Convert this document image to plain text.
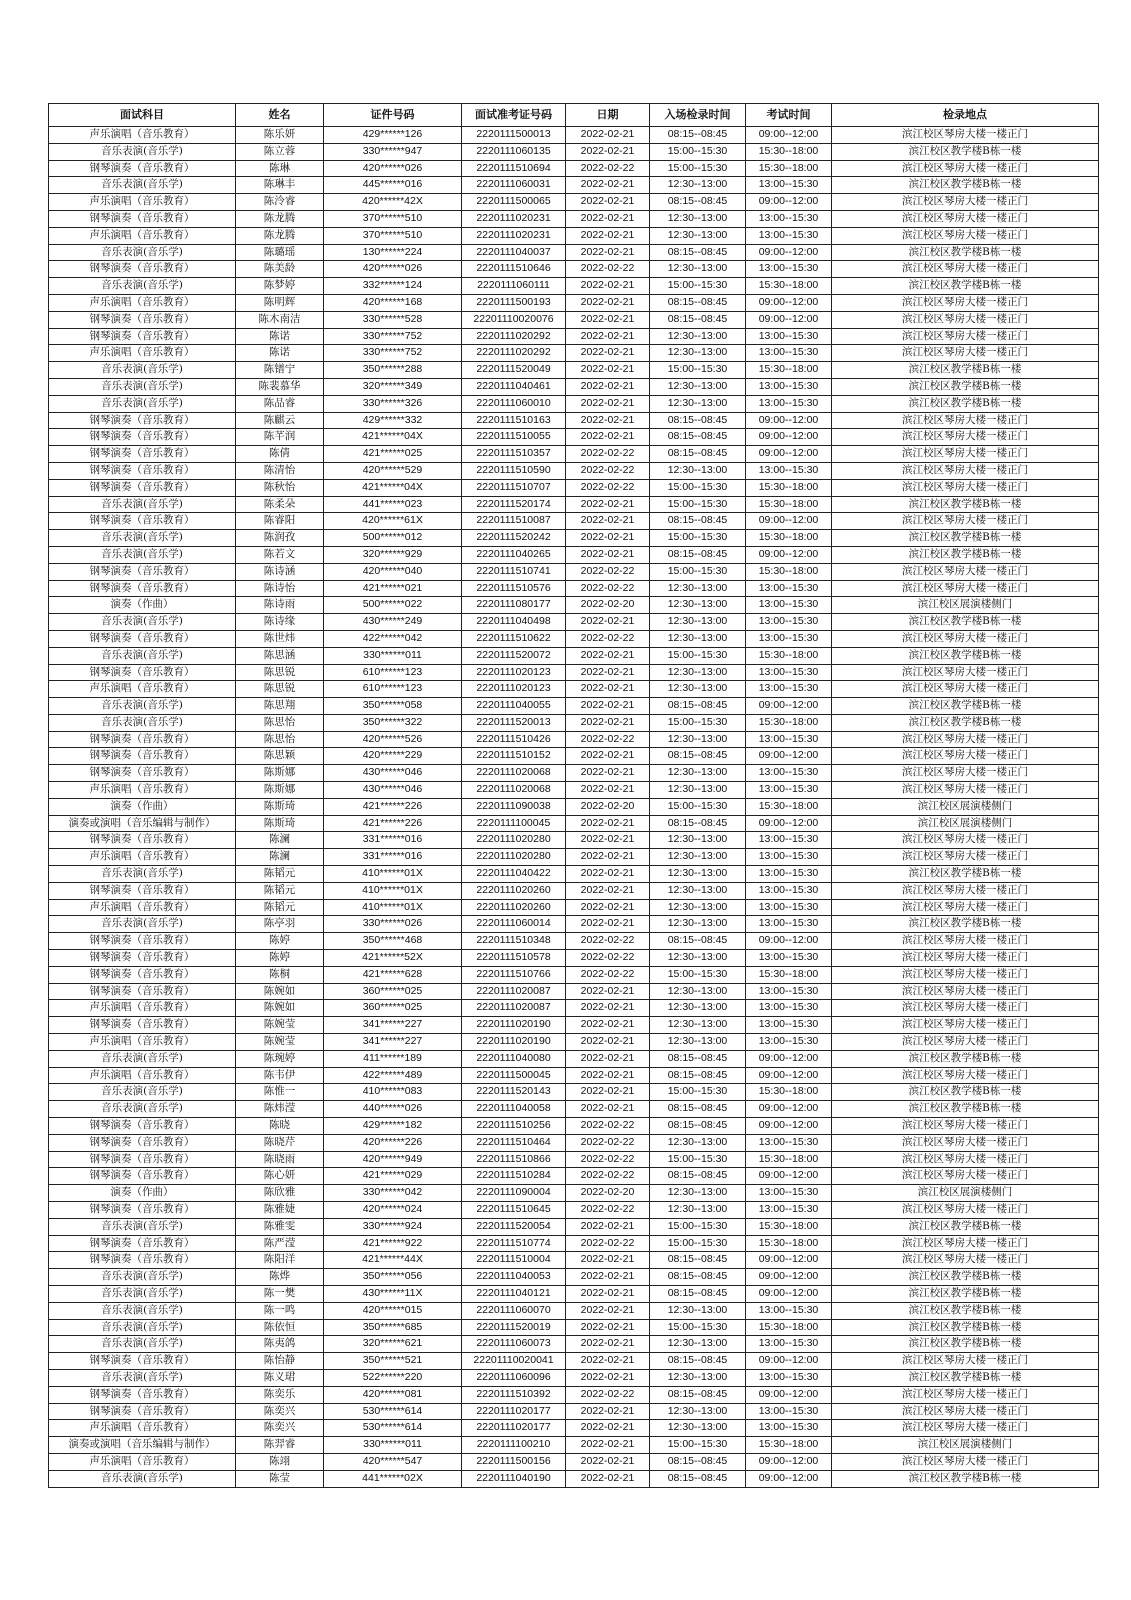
面试科目	姓名	证件号码	面试准考证号码	日期	入场检录时间	考试时间	检录地点
声乐演唱（音乐教育）	陈乐妍	429******126	2220111500013	2022-02-21	08:15--08:45	09:00--12:00	滨江校区琴房大楼一楼正门
音乐表演(音乐学)	陈立蓉	330******947	2220111060135	2022-02-21	15:00--15:30	15:30--18:00	滨江校区教学楼B栋一楼
钢琴演奏（音乐教育）	陈琳	420******026	2220111510694	2022-02-22	15:00--15:30	15:30--18:00	滨江校区琴房大楼一楼正门
音乐表演(音乐学)	陈琳丰	445******016	2220111060031	2022-02-21	12:30--13:00	13:00--15:30	滨江校区教学楼B栋一楼
声乐演唱（音乐教育）	陈泠睿	420******42X	2220111500065	2022-02-21	08:15--08:45	09:00--12:00	滨江校区琴房大楼一楼正门
钢琴演奏（音乐教育）	陈龙腾	370******510	2220111020231	2022-02-21	12:30--13:00	13:00--15:30	滨江校区琴房大楼一楼正门
声乐演唱（音乐教育）	陈龙腾	370******510	2220111020231	2022-02-21	12:30--13:00	13:00--15:30	滨江校区琴房大楼一楼正门
音乐表演(音乐学)	陈璐瑶	130******224	2220111040037	2022-02-21	08:15--08:45	09:00--12:00	滨江校区教学楼B栋一楼
钢琴演奏（音乐教育）	陈美龄	420******026	2220111510646	2022-02-22	12:30--13:00	13:00--15:30	滨江校区琴房大楼一楼正门
音乐表演(音乐学)	陈梦婷	332******124	2220111060111	2022-02-21	15:00--15:30	15:30--18:00	滨江校区教学楼B栋一楼
声乐演唱（音乐教育）	陈明辉	420******168	2220111500193	2022-02-21	08:15--08:45	09:00--12:00	滨江校区琴房大楼一楼正门
钢琴演奏（音乐教育）	陈木南洁	330******528	22201110020076	2022-02-21	08:15--08:45	09:00--12:00	滨江校区琴房大楼一楼正门
钢琴演奏（音乐教育）	陈诺	330******752	2220111020292	2022-02-21	12:30--13:00	13:00--15:30	滨江校区琴房大楼一楼正门
声乐演唱（音乐教育）	陈诺	330******752	2220111020292	2022-02-21	12:30--13:00	13:00--15:30	滨江校区琴房大楼一楼正门
音乐表演(音乐学)	陈镨宁	350******288	2220111520049	2022-02-21	15:00--15:30	15:30--18:00	滨江校区教学楼B栋一楼
音乐表演(音乐学)	陈裴慕华	320******349	2220111040461	2022-02-21	12:30--13:00	13:00--15:30	滨江校区教学楼B栋一楼
音乐表演(音乐学)	陈品睿	330******326	2220111060010	2022-02-21	12:30--13:00	13:00--15:30	滨江校区教学楼B栋一楼
钢琴演奏（音乐教育）	陈麒云	429******332	2220111510163	2022-02-21	08:15--08:45	09:00--12:00	滨江校区琴房大楼一楼正门
钢琴演奏（音乐教育）	陈芊润	421******04X	2220111510055	2022-02-21	08:15--08:45	09:00--12:00	滨江校区琴房大楼一楼正门
钢琴演奏（音乐教育）	陈倩	421******025	2220111510357	2022-02-22	08:15--08:45	09:00--12:00	滨江校区琴房大楼一楼正门
钢琴演奏（音乐教育）	陈清怡	420******529	2220111510590	2022-02-22	12:30--13:00	13:00--15:30	滨江校区琴房大楼一楼正门
钢琴演奏（音乐教育）	陈秋怡	421******04X	2220111510707	2022-02-22	15:00--15:30	15:30--18:00	滨江校区琴房大楼一楼正门
音乐表演(音乐学)	陈柔朵	441******023	2220111520174	2022-02-21	15:00--15:30	15:30--18:00	滨江校区教学楼B栋一楼
钢琴演奏（音乐教育）	陈睿阳	420******61X	2220111510087	2022-02-21	08:15--08:45	09:00--12:00	滨江校区琴房大楼一楼正门
音乐表演(音乐学)	陈润孜	500******012	2220111520242	2022-02-21	15:00--15:30	15:30--18:00	滨江校区教学楼B栋一楼
音乐表演(音乐学)	陈若文	320******929	2220111040265	2022-02-21	08:15--08:45	09:00--12:00	滨江校区教学楼B栋一楼
钢琴演奏（音乐教育）	陈诗涵	420******040	2220111510741	2022-02-22	15:00--15:30	15:30--18:00	滨江校区琴房大楼一楼正门
钢琴演奏（音乐教育）	陈诗怡	421******021	2220111510576	2022-02-22	12:30--13:00	13:00--15:30	滨江校区琴房大楼一楼正门
演奏（作曲）	陈诗雨	500******022	2220111080177	2022-02-20	12:30--13:00	13:00--15:30	滨江校区展演楼侧门
音乐表演(音乐学)	陈诗缘	430******249	2220111040498	2022-02-21	12:30--13:00	13:00--15:30	滨江校区教学楼B栋一楼
钢琴演奏（音乐教育）	陈世炜	422******042	2220111510622	2022-02-22	12:30--13:00	13:00--15:30	滨江校区琴房大楼一楼正门
音乐表演(音乐学)	陈思涵	330******011	2220111520072	2022-02-21	15:00--15:30	15:30--18:00	滨江校区教学楼B栋一楼
钢琴演奏（音乐教育）	陈思锐	610******123	2220111020123	2022-02-21	12:30--13:00	13:00--15:30	滨江校区琴房大楼一楼正门
声乐演唱（音乐教育）	陈思锐	610******123	2220111020123	2022-02-21	12:30--13:00	13:00--15:30	滨江校区琴房大楼一楼正门
音乐表演(音乐学)	陈思翔	350******058	2220111040055	2022-02-21	08:15--08:45	09:00--12:00	滨江校区教学楼B栋一楼
音乐表演(音乐学)	陈思怡	350******322	2220111520013	2022-02-21	15:00--15:30	15:30--18:00	滨江校区教学楼B栋一楼
钢琴演奏（音乐教育）	陈思怡	420******526	2220111510426	2022-02-22	12:30--13:00	13:00--15:30	滨江校区琴房大楼一楼正门
钢琴演奏（音乐教育）	陈思颖	420******229	2220111510152	2022-02-21	08:15--08:45	09:00--12:00	滨江校区琴房大楼一楼正门
钢琴演奏（音乐教育）	陈斯娜	430******046	2220111020068	2022-02-21	12:30--13:00	13:00--15:30	滨江校区琴房大楼一楼正门
声乐演唱（音乐教育）	陈斯娜	430******046	2220111020068	2022-02-21	12:30--13:00	13:00--15:30	滨江校区琴房大楼一楼正门
演奏（作曲）	陈斯琦	421******226	2220111090038	2022-02-20	15:00--15:30	15:30--18:00	滨江校区展演楼侧门
演奏或演唱（音乐编辑与制作）	陈斯琦	421******226	2220111100045	2022-02-21	08:15--08:45	09:00--12:00	滨江校区展演楼侧门
钢琴演奏（音乐教育）	陈澜	331******016	2220111020280	2022-02-21	12:30--13:00	13:00--15:30	滨江校区琴房大楼一楼正门
声乐演唱（音乐教育）	陈澜	331******016	2220111020280	2022-02-21	12:30--13:00	13:00--15:30	滨江校区琴房大楼一楼正门
音乐表演(音乐学)	陈韬元	410******01X	2220111040422	2022-02-21	12:30--13:00	13:00--15:30	滨江校区教学楼B栋一楼
钢琴演奏（音乐教育）	陈韬元	410******01X	2220111020260	2022-02-21	12:30--13:00	13:00--15:30	滨江校区琴房大楼一楼正门
声乐演唱（音乐教育）	陈韬元	410******01X	2220111020260	2022-02-21	12:30--13:00	13:00--15:30	滨江校区琴房大楼一楼正门
音乐表演(音乐学)	陈亭羽	330******026	2220111060014	2022-02-21	12:30--13:00	13:00--15:30	滨江校区教学楼B栋一楼
钢琴演奏（音乐教育）	陈婷	350******468	2220111510348	2022-02-22	08:15--08:45	09:00--12:00	滨江校区琴房大楼一楼正门
钢琴演奏（音乐教育）	陈婷	421******52X	2220111510578	2022-02-22	12:30--13:00	13:00--15:30	滨江校区琴房大楼一楼正门
钢琴演奏（音乐教育）	陈桐	421******628	2220111510766	2022-02-22	15:00--15:30	15:30--18:00	滨江校区琴房大楼一楼正门
钢琴演奏（音乐教育）	陈婉如	360******025	2220111020087	2022-02-21	12:30--13:00	13:00--15:30	滨江校区琴房大楼一楼正门
声乐演唱（音乐教育）	陈婉如	360******025	2220111020087	2022-02-21	12:30--13:00	13:00--15:30	滨江校区琴房大楼一楼正门
钢琴演奏（音乐教育）	陈婉莹	341******227	2220111020190	2022-02-21	12:30--13:00	13:00--15:30	滨江校区琴房大楼一楼正门
声乐演唱（音乐教育）	陈婉莹	341******227	2220111020190	2022-02-21	12:30--13:00	13:00--15:30	滨江校区琴房大楼一楼正门
音乐表演(音乐学)	陈琬婷	411******189	2220111040080	2022-02-21	08:15--08:45	09:00--12:00	滨江校区教学楼B栋一楼
声乐演唱（音乐教育）	陈韦伊	422******489	2220111500045	2022-02-21	08:15--08:45	09:00--12:00	滨江校区琴房大楼一楼正门
音乐表演(音乐学)	陈惟一	410******083	2220111520143	2022-02-21	15:00--15:30	15:30--18:00	滨江校区教学楼B栋一楼
音乐表演(音乐学)	陈炜滢	440******026	2220111040058	2022-02-21	08:15--08:45	09:00--12:00	滨江校区教学楼B栋一楼
钢琴演奏（音乐教育）	陈晓	429******182	2220111510256	2022-02-22	08:15--08:45	09:00--12:00	滨江校区琴房大楼一楼正门
钢琴演奏（音乐教育）	陈晓芹	420******226	2220111510464	2022-02-22	12:30--13:00	13:00--15:30	滨江校区琴房大楼一楼正门
钢琴演奏（音乐教育）	陈晓雨	420******949	2220111510866	2022-02-22	15:00--15:30	15:30--18:00	滨江校区琴房大楼一楼正门
钢琴演奏（音乐教育）	陈心妍	421******029	2220111510284	2022-02-22	08:15--08:45	09:00--12:00	滨江校区琴房大楼一楼正门
演奏（作曲）	陈欣雅	330******042	2220111090004	2022-02-20	12:30--13:00	13:00--15:30	滨江校区展演楼侧门
钢琴演奏（音乐教育）	陈雅婕	420******024	2220111510645	2022-02-22	12:30--13:00	13:00--15:30	滨江校区琴房大楼一楼正门
音乐表演(音乐学)	陈雅雯	330******924	2220111520054	2022-02-21	15:00--15:30	15:30--18:00	滨江校区教学楼B栋一楼
钢琴演奏（音乐教育）	陈严滢	421******922	2220111510774	2022-02-22	15:00--15:30	15:30--18:00	滨江校区琴房大楼一楼正门
钢琴演奏（音乐教育）	陈阳洋	421******44X	2220111510004	2022-02-21	08:15--08:45	09:00--12:00	滨江校区琴房大楼一楼正门
音乐表演(音乐学)	陈烨	350******056	2220111040053	2022-02-21	08:15--08:45	09:00--12:00	滨江校区教学楼B栋一楼
音乐表演(音乐学)	陈一樊	430******11X	2220111040121	2022-02-21	08:15--08:45	09:00--12:00	滨江校区教学楼B栋一楼
音乐表演(音乐学)	陈一鸣	420******015	2220111060070	2022-02-21	12:30--13:00	13:00--15:30	滨江校区教学楼B栋一楼
音乐表演(音乐学)	陈依恒	350******685	2220111520019	2022-02-21	15:00--15:30	15:30--18:00	滨江校区教学楼B栋一楼
音乐表演(音乐学)	陈夷鸽	320******621	2220111060073	2022-02-21	12:30--13:00	13:00--15:30	滨江校区教学楼B栋一楼
钢琴演奏（音乐教育）	陈怡静	350******521	22201110020041	2022-02-21	08:15--08:45	09:00--12:00	滨江校区琴房大楼一楼正门
音乐表演(音乐学)	陈义珺	522******220	2220111060096	2022-02-21	12:30--13:00	13:00--15:30	滨江校区教学楼B栋一楼
钢琴演奏（音乐教育）	陈奕乐	420******081	2220111510392	2022-02-22	08:15--08:45	09:00--12:00	滨江校区琴房大楼一楼正门
钢琴演奏（音乐教育）	陈奕兴	530******614	2220111020177	2022-02-21	12:30--13:00	13:00--15:30	滨江校区琴房大楼一楼正门
声乐演唱（音乐教育）	陈奕兴	530******614	2220111020177	2022-02-21	12:30--13:00	13:00--15:30	滨江校区琴房大楼一楼正门
演奏或演唱（音乐编辑与制作）	陈羿睿	330******011	2220111100210	2022-02-21	15:00--15:30	15:30--18:00	滨江校区展演楼侧门
声乐演唱（音乐教育）	陈翊	420******547	2220111500156	2022-02-21	08:15--08:45	09:00--12:00	滨江校区琴房大楼一楼正门
音乐表演(音乐学)	陈莹	441******02X	2220111040190	2022-02-21	08:15--08:45	09:00--12:00	滨江校区教学楼B栋一楼
